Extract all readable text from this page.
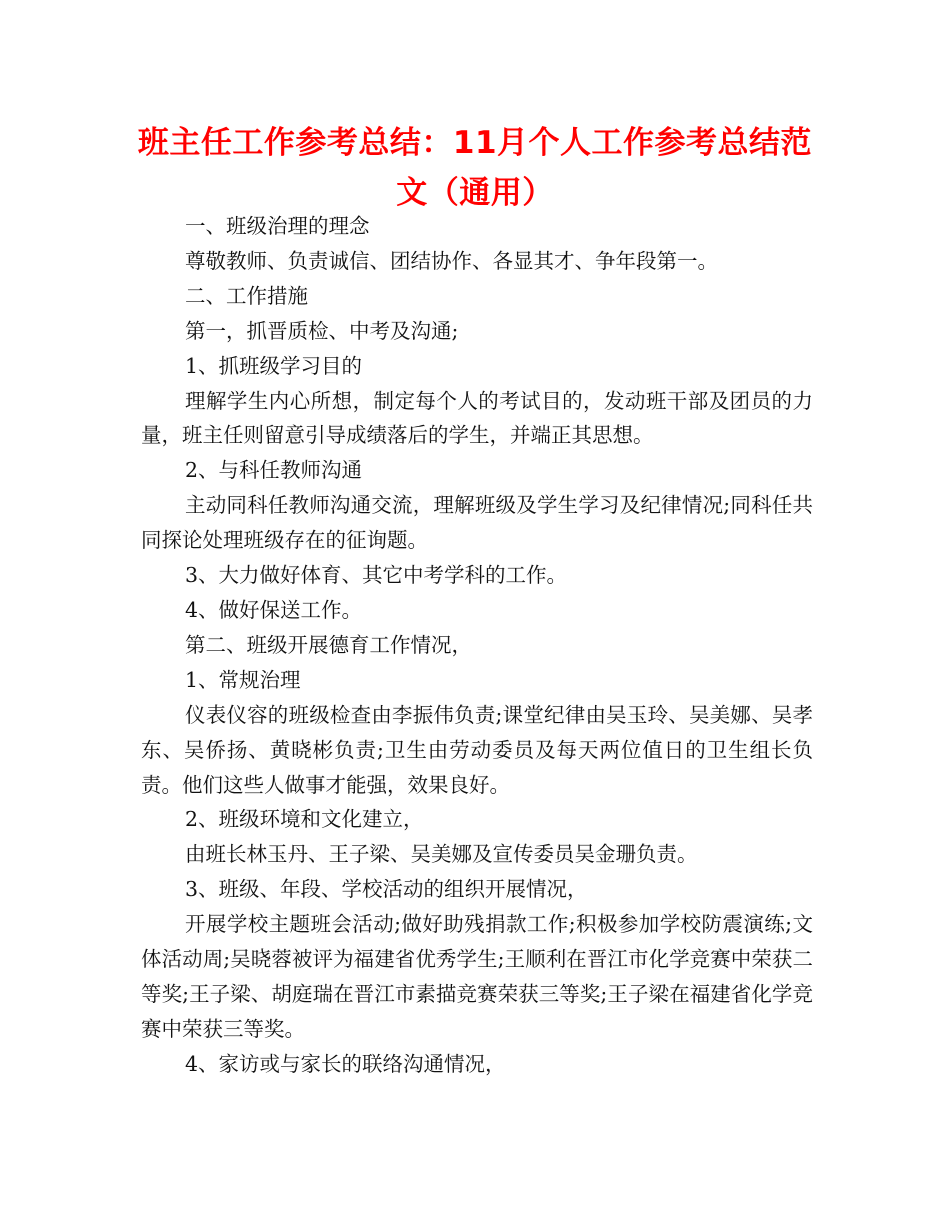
班主任工作参考总结：11月个人工作参考总结范文（通用）

一、班级治理的理念

尊敬教师、负责诚信、团结协作、各显其才、争年段第一。

二、工作措施

第一，抓晋质检、中考及沟通;

1、抓班级学习目的

理解学生内心所想，制定每个人的考试目的，发动班干部及团员的力量，班主任则留意引导成绩落后的学生，并端正其思想。

2、与科任教师沟通

主动同科任教师沟通交流，理解班级及学生学习及纪律情况;同科任共同探论处理班级存在的征询题。

3、大力做好体育、其它中考学科的工作。

4、做好保送工作。

第二、班级开展德育工作情况，

1、常规治理

仪表仪容的班级检查由李振伟负责;课堂纪律由吴玉玲、吴美娜、吴孝东、吴侨扬、黄晓彬负责;卫生由劳动委员及每天两位值日的卫生组长负责。他们这些人做事才能强，效果良好。

2、班级环境和文化建立，

由班长林玉丹、王子梁、吴美娜及宣传委员吴金珊负责。

3、班级、年段、学校活动的组织开展情况，

开展学校主题班会活动;做好助残捐款工作;积极参加学校防震演练;文体活动周;吴晓蓉被评为福建省优秀学生;王顺利在晋江市化学竞赛中荣获二等奖;王子梁、胡庭瑞在晋江市素描竞赛荣获三等奖;王子梁在福建省化学竞赛中荣获三等奖。

4、家访或与家长的联络沟通情况，
